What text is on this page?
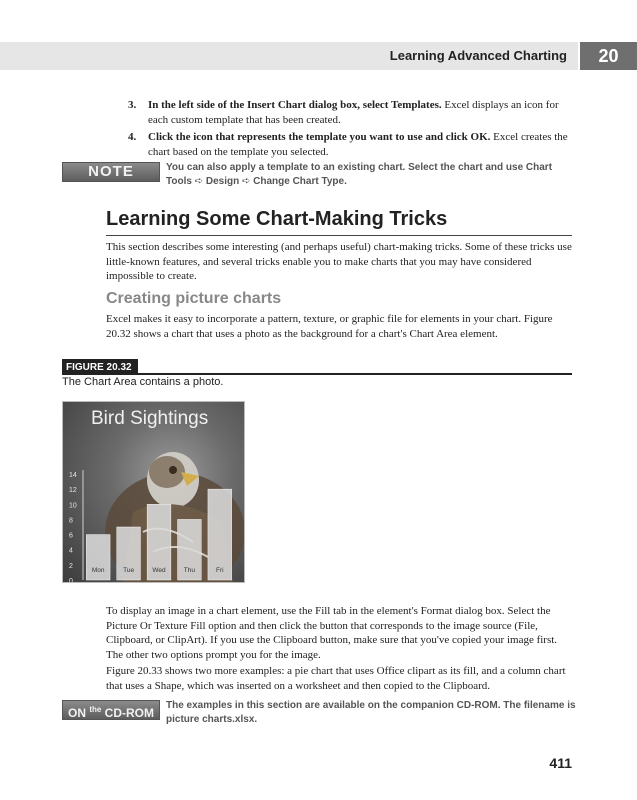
Learning Advanced Charting	20
3. In the left side of the Insert Chart dialog box, select Templates. Excel displays an icon for each custom template that has been created.
4. Click the icon that represents the template you want to use and click OK. Excel creates the chart based on the template you selected.
NOTE	You can also apply a template to an existing chart. Select the chart and use Chart Tools ➪ Design ➪ Change Chart Type.
Learning Some Chart-Making Tricks
This section describes some interesting (and perhaps useful) chart-making tricks. Some of these tricks use little-known features, and several tricks enable you to make charts that you may have considered impossible to create.
Creating picture charts
Excel makes it easy to incorporate a pattern, texture, or graphic file for elements in your chart. Figure 20.32 shows a chart that uses a photo as the background for a chart's Chart Area element.
FIGURE 20.32
The Chart Area contains a photo.
0
2
4
6
8
10
12
14
Mon	Tue	Wed	Thu	Fri
Bird Sightings
To display an image in a chart element, use the Fill tab in the element's Format dialog box. Select the Picture Or Texture Fill option and then click the button that corresponds to the image source (File, Clipboard, or ClipArt). If you use the Clipboard button, make sure that you've copied your image first. The other two options prompt you for the image.
Figure 20.33 shows two more examples: a pie chart that uses Office clipart as its fill, and a column chart that uses a Shape, which was inserted on a worksheet and then copied to the Clipboard.
ON $^{the}$ CD-ROM
The examples in this section are available on the companion CD-ROM. The filename is picture charts.xlsx.
411
